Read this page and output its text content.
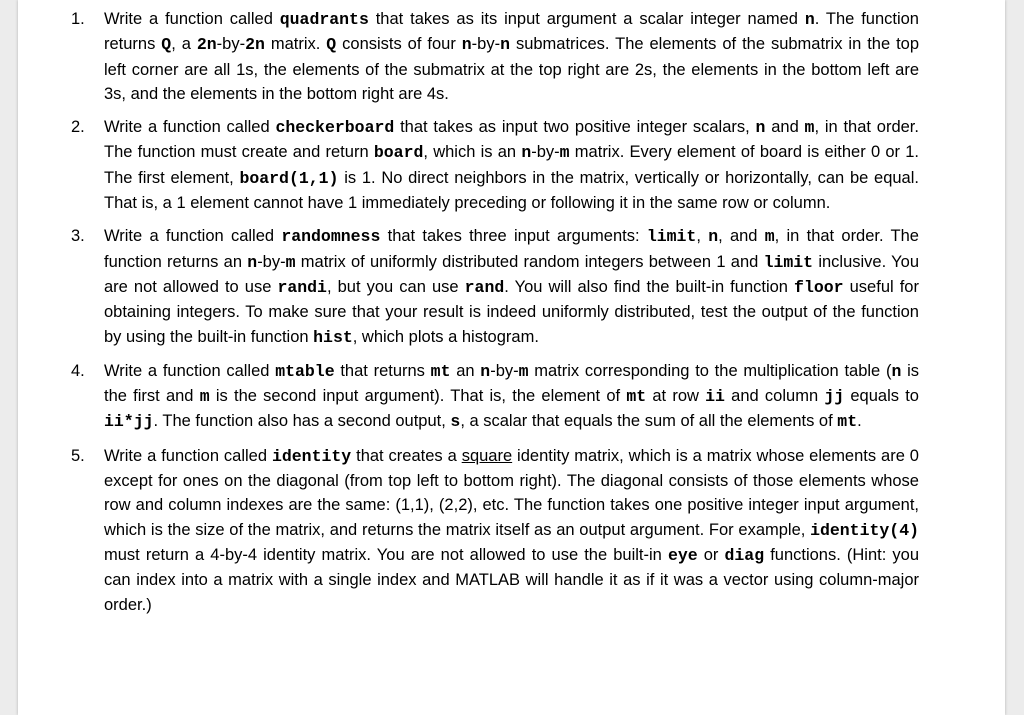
1. Write a function called quadrants that takes as its input argument a scalar integer named n. The function returns Q, a 2n-by-2n matrix. Q consists of four n-by-n submatrices. The elements of the submatrix in the top left corner are all 1s, the elements of the submatrix at the top right are 2s, the elements in the bottom left are 3s, and the elements in the bottom right are 4s.
2. Write a function called checkerboard that takes as input two positive integer scalars, n and m, in that order. The function must create and return board, which is an n-by-m matrix. Every element of board is either 0 or 1. The first element, board(1,1) is 1. No direct neighbors in the matrix, vertically or horizontally, can be equal. That is, a 1 element cannot have 1 immediately preceding or following it in the same row or column.
3. Write a function called randomness that takes three input arguments: limit, n, and m, in that order. The function returns an n-by-m matrix of uniformly distributed random integers between 1 and limit inclusive. You are not allowed to use randi, but you can use rand. You will also find the built-in function floor useful for obtaining integers. To make sure that your result is indeed uniformly distributed, test the output of the function by using the built-in function hist, which plots a histogram.
4. Write a function called mtable that returns mt an n-by-m matrix corresponding to the multiplication table (n is the first and m is the second input argument). That is, the element of mt at row ii and column jj equals to ii*jj. The function also has a second output, s, a scalar that equals the sum of all the elements of mt.
5. Write a function called identity that creates a square identity matrix, which is a matrix whose elements are 0 except for ones on the diagonal (from top left to bottom right). The diagonal consists of those elements whose row and column indexes are the same: (1,1), (2,2), etc. The function takes one positive integer input argument, which is the size of the matrix, and returns the matrix itself as an output argument. For example, identity(4) must return a 4-by-4 identity matrix. You are not allowed to use the built-in eye or diag functions. (Hint: you can index into a matrix with a single index and MATLAB will handle it as if it was a vector using column-major order.)
